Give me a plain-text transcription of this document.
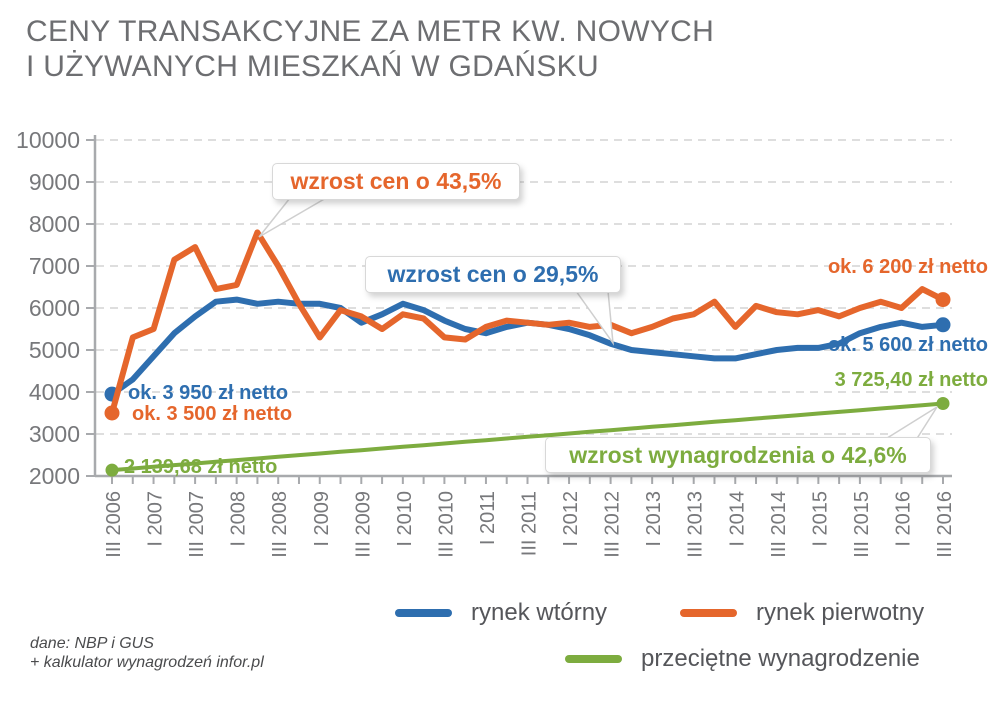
CENY TRANSAKCYJNE ZA METR KW. NOWYCH
I UŻYWANYCH MIESZKAŃ W GDAŃSKU
2000
3000
4000
5000
6000
7000
8000
9000
10000
III 2006 I 2007 III 2007 I 2008 III 2008 I 2009 III 2009 I 2010 III 2010 I 2011 III 2011 I 2012 III 2012 I 2013 III 2013 I 2014 III 2014 I 2015 III 2015 I 2016 III 2016
ok. 3 950 zł netto
ok. 3 500 zł netto
2 139,68 zł netto
ok. 6 200 zł netto
ok. 5 600 zł netto
3 725,40 zł netto
wzrost cen o 43,5%
wzrost cen o 29,5%
wzrost wynagrodzenia o 42,6%
rynek wtórny	rynek pierwotny
przeciętne wynagrodzenie
dane: NBP i GUS
+ kalkulator wynagrodzeń infor.pl
